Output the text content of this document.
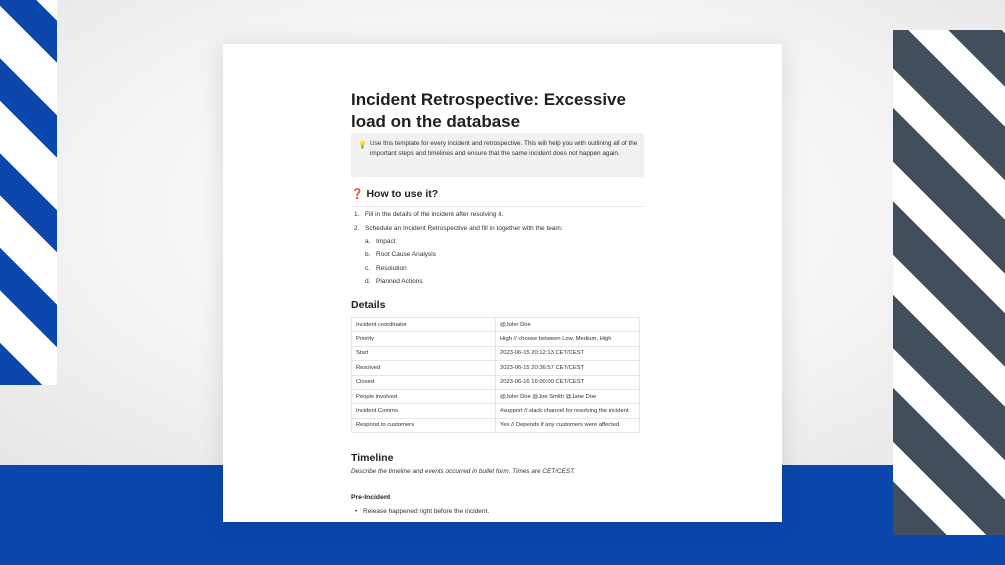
Incident Retrospective: Excessive load on the database
💡 Use this template for every incident and retrospective. This will help you with outlining all of the important steps and timelines and ensure that the same incident does not happen again.
❓ How to use it?
1. Fill in the details of the incident after resolving it.
2. Schedule an Incident Retrospective and fill in together with the team:
a. Impact
b. Root Cause Analysis
c. Resolution
d. Planned Actions
Details
Incident coordinator	@John Doe
Priority	High // choose between Low, Medium, High
Start	2023-06-15 20:12:13 CET/CEST
Resolved	2023-06-15 20:36:57 CET/CEST
Closed	2023-06-16 16:00:00 CET/CEST
People involved	@John Doe @Joe Smith @Jane Doe
Incident Comms	#support // slack channel for resolving the incident
Respond to customers	Yes // Depends if any customers were affected
Timeline
Describe the timeline and events occurred in bullet form. Times are CET/CEST.
Pre-Incident
• Release happened right before the incident.
